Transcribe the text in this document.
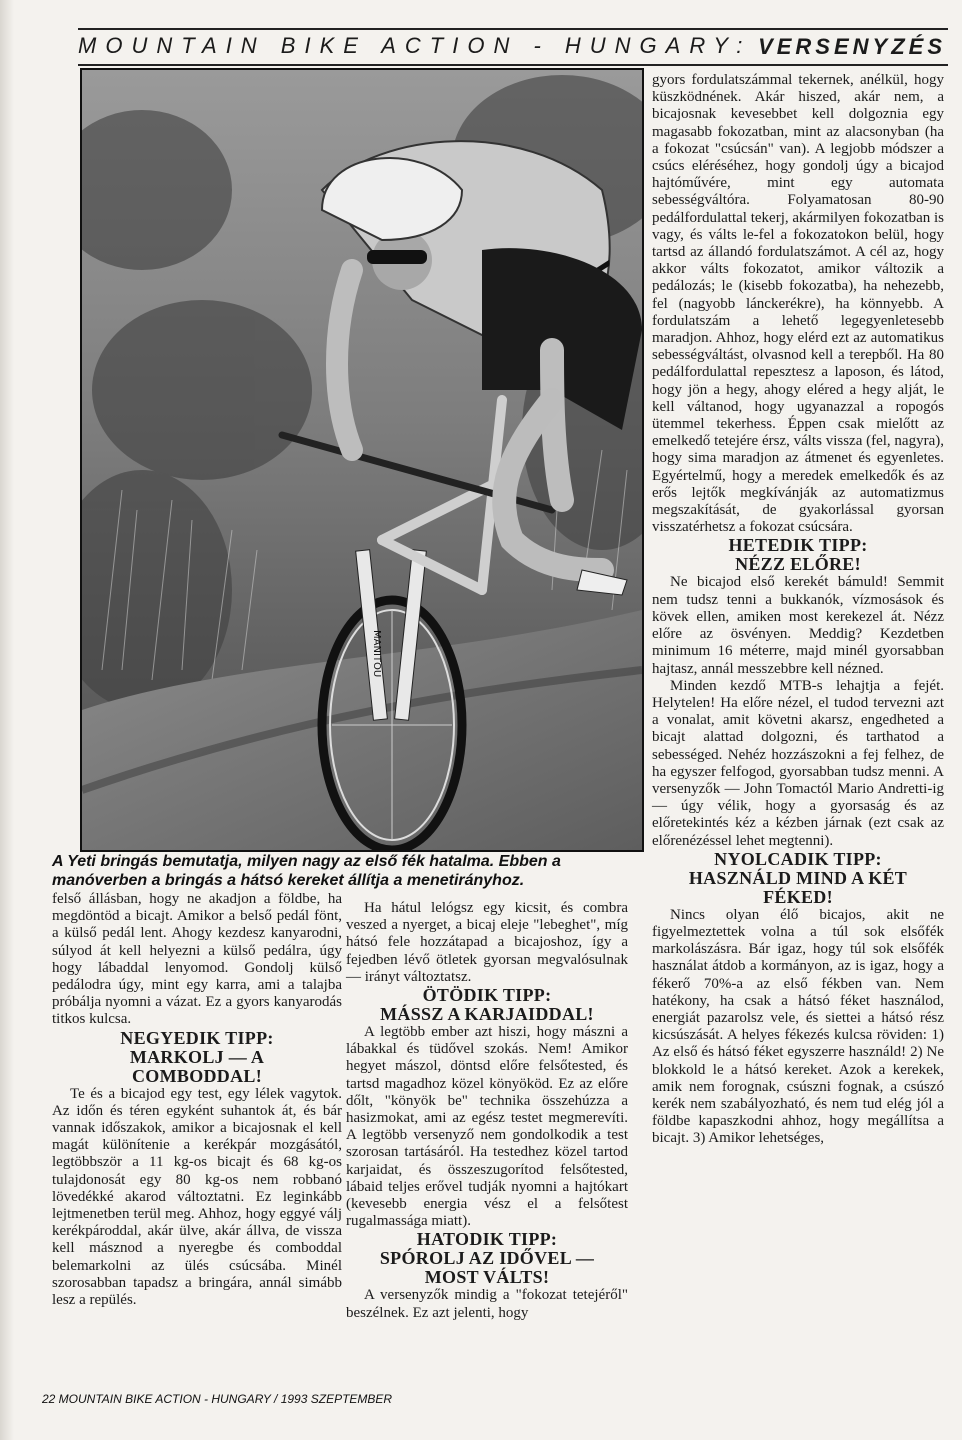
MOUNTAIN BIKE ACTION - HUNGARY: VERSENYZÉS
MANITOU
A Yeti bringás bemutatja, milyen nagy az első fék hatalma. Ebben a manóverben a bringás a hátsó kereket állítja a menetirányhoz.

felső állásban, hogy ne akadjon a földbe, ha megdöntöd a bicajt. Amikor a belső pedál fönt, a külső pedál lent. Ahogy kezdesz kanyarodni, súlyod át kell helyezni a külső pedálra, úgy hogy lábaddal lenyomod. Gondolj külső pedálodra úgy, mint egy karra, ami a talajba próbálja nyomni a vázat. Ez a gyors kanyarodás titkos kulcsa.

NEGYEDIK TIPP:
MARKOLJ — A
COMBODDAL!

Te és a bicajod egy test, egy lélek vagytok. Az időn és téren egyként suhantok át, és bár vannak időszakok, amikor a bicajosnak el kell magát különítenie a kerékpár mozgásától, legtöbbször a 11 kg-os bicajt és 68 kg-os tulajdonosát egy 80 kg-os nem robbanó lövedékké akarod változtatni. Ez leginkább lejtmenetben terül meg. Ahhoz, hogy eggyé válj kerékpároddal, akár ülve, akár állva, de vissza kell másznod a nyeregbe és comboddal belemarkolni az ülés csúcsába. Minél szorosabban tapadsz a bringára, annál simább lesz a repülés.

Ha hátul lelógsz egy kicsit, és combra veszed a nyerget, a bicaj eleje "lebeghet", míg hátsó fele hozzátapad a bicajoshoz, így a fejedben lévő ötletek gyorsan megvalósulnak — irányt változtatsz.

ÖTÖDIK TIPP:
MÁSSZ A KARJAIDDAL!

A legtöbb ember azt hiszi, hogy mászni a lábakkal és tüdővel szokás. Nem! Amikor hegyet mászol, döntsd előre felsőtested, és tartsd magadhoz közel könyököd. Ez az előre dőlt, "könyök be" technika összehúzza a hasizmokat, ami az egész testet megmerevíti. A legtöbb versenyző nem gondolkodik a test szorosan tartásáról. Ha testedhez közel tartod karjaidat, és összeszugorítod felsőtested, lábaid teljes erővel tudják nyomni a hajtókart (kevesebb energia vész el a felsőtest rugalmassága miatt).

HATODIK TIPP:
SPÓROLJ AZ IDŐVEL —
MOST VÁLTS!

A versenyzők mindig a "fokozat tetejéről" beszélnek. Ez azt jelenti, hogy

gyors fordulatszámmal tekernek, anélkül, hogy küszködnének. Akár hiszed, akár nem, a bicajosnak kevesebbet kell dolgoznia egy magasabb fokozatban, mint az alacsonyban (ha a fokozat "csúcsán" van). A legjobb módszer a csúcs eléréséhez, hogy gondolj úgy a bicajod hajtóművére, mint egy automata sebességváltóra. Folyamatosan 80-90 pedálfordulattal tekerj, akármilyen fokozatban is vagy, és válts le-fel a fokozatokon belül, hogy tartsd az állandó fordulatszámot. A cél az, hogy akkor válts fokozatot, amikor változik a pedálozás; le (kisebb fokozatba), ha nehezebb, fel (nagyobb lánckerékre), ha könnyebb. A fordulatszám a lehető legegyenletesebb maradjon. Ahhoz, hogy elérd ezt az automatikus sebességváltást, olvasnod kell a terepből. Ha 80 pedálfordulattal repesztesz a laposon, és látod, hogy jön a hegy, ahogy eléred a hegy alját, le kell váltanod, hogy ugyanazzal a ropogós ütemmel tekerhess. Éppen csak mielőtt az emelkedő tetejére érsz, válts vissza (fel, nagyra), hogy sima maradjon az átmenet és egyenletes. Egyértelmű, hogy a meredek emelkedők és az erős lejtők megkívánják az automatizmus megszakítását, de gyakorlással gyorsan visszatérhetsz a fokozat csúcsára.

HETEDIK TIPP:
NÉZZ ELŐRE!

Ne bicajod első kerekét bámuld! Semmit nem tudsz tenni a bukkanók, vízmosások és kövek ellen, amiken most kerekezel át. Nézz előre az ösvényen. Meddig? Kezdetben minimum 16 méterre, majd minél gyorsabban hajtasz, annál messzebbre kell nézned.

Minden kezdő MTB-s lehajtja a fejét. Helytelen! Ha előre nézel, el tudod tervezni azt a vonalat, amit követni akarsz, engedheted a bicajt alattad dolgozni, és tarthatod a sebességed. Nehéz hozzászokni a fej felhez, de ha egyszer felfogod, gyorsabban tudsz menni. A versenyzők — John Tomactól Mario Andretti-ig— úgy vélik, hogy a gyorsaság és az előretekintés kéz a kézben járnak (ezt csak az előrenézéssel lehet megtenni).

NYOLCADIK TIPP:
HASZNÁLD MIND A KÉT
FÉKED!

Nincs olyan élő bicajos, akit ne figyelmeztettek volna a túl sok elsőfék markolászásra. Bár igaz, hogy túl sok elsőfék használat átdob a kormányon, az is igaz, hogy a fékerő 70%-a az első fékben van. Nem hatékony, ha csak a hátsó féket használod, energiát pazarolsz vele, és siettei a hátsó rész kicsúszását. A helyes fékezés kulcsa röviden: 1) Az első és hátsó féket egyszerre használd! 2) Ne blokkold le a hátsó kereket. Azok a kerekek, amik nem forognak, csúszni fognak, a csúszó kerék nem szabályozható, és nem tud elég jól a földbe kapaszkodni ahhoz, hogy megállítsa a bicajt. 3) Amikor lehetséges,

22 MOUNTAIN BIKE ACTION - HUNGARY / 1993 SZEPTEMBER
